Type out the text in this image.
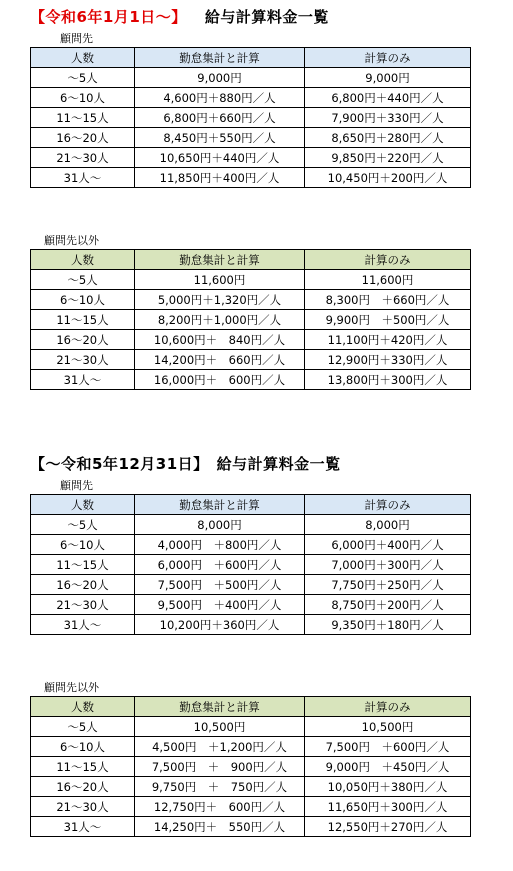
【令和6年1月1日～】 給与計算料金一覧
顧問先
人数	勤怠集計と計算	計算のみ
～5人	9,000円	9,000円
6～10人	4,600円＋880円／人	6,800円＋440円／人
11～15人	6,800円＋660円／人	7,900円＋330円／人
16～20人	8,450円＋550円／人	8,650円＋280円／人
21～30人	10,650円＋440円／人	9,850円＋220円／人
31人～	11,850円＋400円／人	10,450円＋200円／人
顧問先以外
人数	勤怠集計と計算	計算のみ
～5人	11,600円	11,600円
6～10人	5,000円＋1,320円／人	8,300円　＋660円／人
11～15人	8,200円＋1,000円／人	9,900円　＋500円／人
16～20人	10,600円＋　840円／人	11,100円＋420円／人
21～30人	14,200円＋　660円／人	12,900円＋330円／人
31人～	16,000円＋　600円／人	13,800円＋300円／人
【～令和5年12月31日】　給与計算料金一覧
顧問先
人数	勤怠集計と計算	計算のみ
～5人	8,000円	8,000円
6～10人	4,000円　＋800円／人	6,000円＋400円／人
11～15人	6,000円　＋600円／人	7,000円＋300円／人
16～20人	7,500円　＋500円／人	7,750円＋250円／人
21～30人	9,500円　＋400円／人	8,750円＋200円／人
31人～	10,200円＋360円／人	9,350円＋180円／人
顧問先以外
人数	勤怠集計と計算	計算のみ
～5人	10,500円	10,500円
6～10人	4,500円　＋1,200円／人	7,500円　＋600円／人
11～15人	7,500円　＋　900円／人	9,000円　＋450円／人
16～20人	9,750円　＋　750円／人	10,050円＋380円／人
21～30人	12,750円＋　600円／人	11,650円＋300円／人
31人～	14,250円＋　550円／人	12,550円＋270円／人
